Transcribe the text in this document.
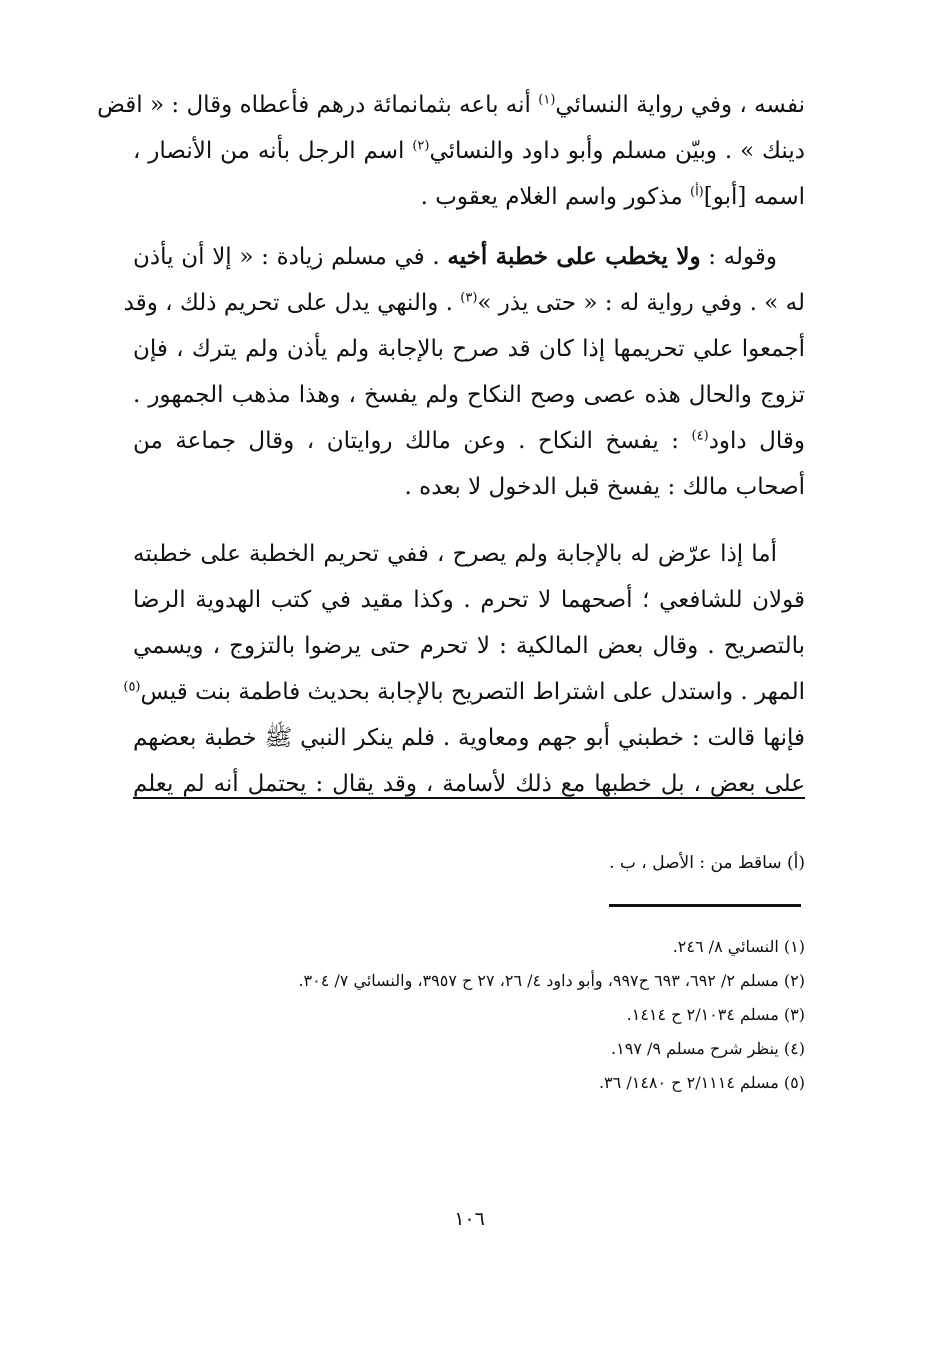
نفسه ، وفي رواية النسائي$^{(١)}$ أنه باعه بثمانمائة درهم فأعطاه وقال : « اقض
دينك » . وبيّن مسلم وأبو داود والنسائي$^{(٢)}$ اسم الرجل بأنه من الأنصار ،
اسمه [أبو]$^{(أ)}$ مذكور واسم الغلام يعقوب .
وقوله : ولا يخطب على خطبة أخيه . في مسلم زيادة : « إلا أن يأذن
له » . وفي رواية له : « حتى يذر »$^{(٣)}$ . والنهي يدل على تحريم ذلك ، وقد
أجمعوا علي تحريمها إذا كان قد صرح بالإجابة ولم يأذن ولم يترك ، فإن
تزوج والحال هذه عصى وصح النكاح ولم يفسخ ، وهذا مذهب الجمهور .
وقال داود$^{(٤)}$ : يفسخ النكاح . وعن مالك روايتان ، وقال جماعة من
أصحاب مالك : يفسخ قبل الدخول لا بعده .
أما إذا عرّض له بالإجابة ولم يصرح ، ففي تحريم الخطبة على خطبته
قولان للشافعي ؛ أصحهما لا تحرم . وكذا مقيد في كتب الهدوية الرضا
بالتصريح . وقال بعض المالكية : لا تحرم حتى يرضوا بالتزوج ، ويسمي
المهر . واستدل على اشتراط التصريح بالإجابة بحديث فاطمة بنت قيس$^{(٥)}$
فإنها قالت : خطبني أبو جهم ومعاوية . فلم ينكر النبي ﷺ خطبة بعضهم
على بعض ، بل خطبها مع ذلك لأسامة ، وقد يقال : يحتمل أنه لم يعلم
(أ) ساقط من : الأصل ، ب .
(١) النسائي ٨/ ٢٤٦.
(٢) مسلم ٢/ ٦٩٢، ٦٩٣ ح٩٩٧، وأبو داود ٤/ ٢٦، ٢٧ ح ٣٩٥٧، والنسائي ٧/ ٣٠٤.
(٣) مسلم ٢/١٠٣٤ ح ١٤١٤.
(٤) ينظر شرح مسلم ٩/ ١٩٧.
(٥) مسلم ٢/١١١٤ ح ١٤٨٠/ ٣٦.
١٠٦
